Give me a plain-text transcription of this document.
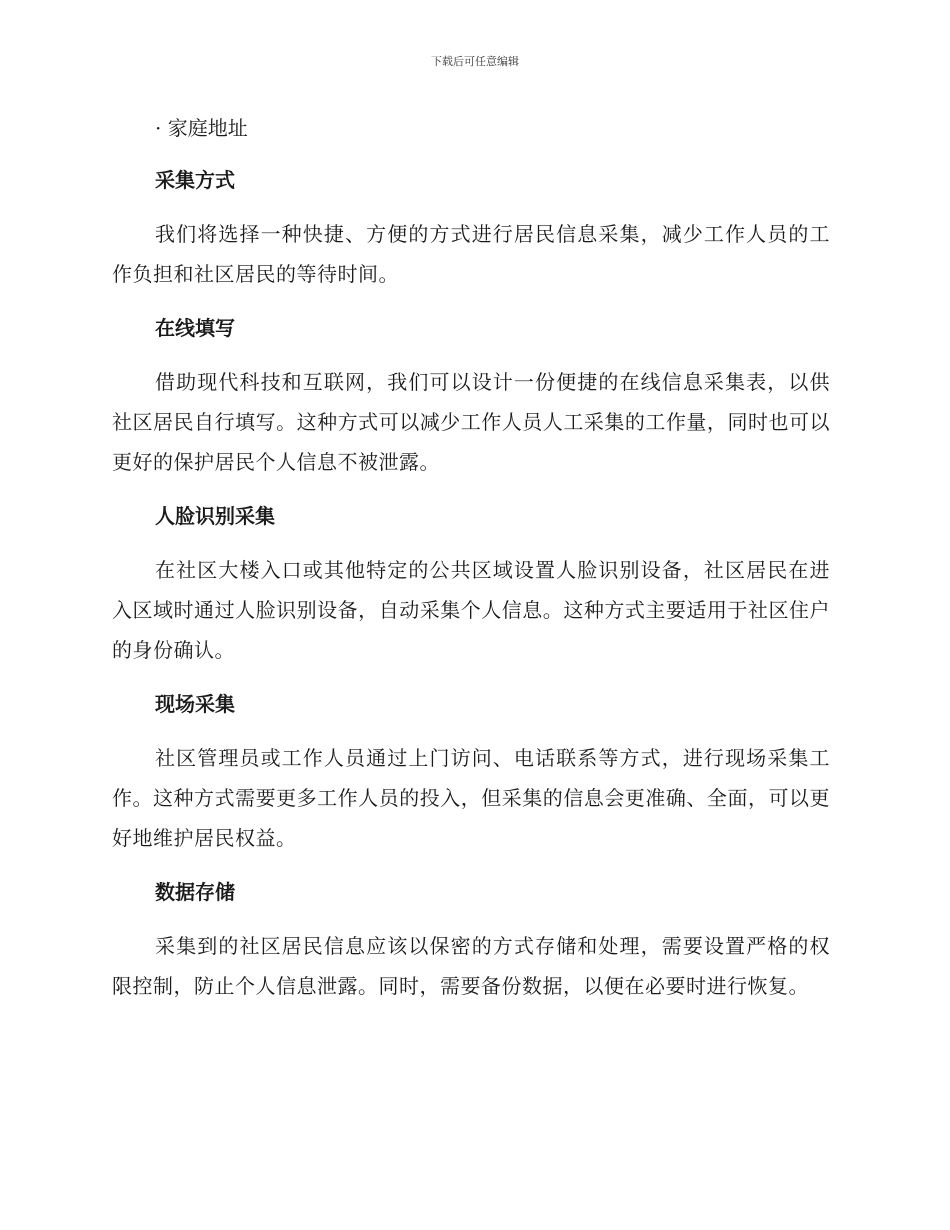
下载后可任意编辑

· 家庭地址

采集方式

我们将选择一种快捷、方便的方式进行居民信息采集，减少工作人员的工作负担和社区居民的等待时间。

在线填写

借助现代科技和互联网，我们可以设计一份便捷的在线信息采集表，以供社区居民自行填写。这种方式可以减少工作人员人工采集的工作量，同时也可以更好的保护居民个人信息不被泄露。

人脸识别采集

在社区大楼入口或其他特定的公共区域设置人脸识别设备，社区居民在进入区域时通过人脸识别设备，自动采集个人信息。这种方式主要适用于社区住户的身份确认。

现场采集

社区管理员或工作人员通过上门访问、电话联系等方式，进行现场采集工作。这种方式需要更多工作人员的投入，但采集的信息会更准确、全面，可以更好地维护居民权益。

数据存储

采集到的社区居民信息应该以保密的方式存储和处理，需要设置严格的权限控制，防止个人信息泄露。同时，需要备份数据，以便在必要时进行恢复。
